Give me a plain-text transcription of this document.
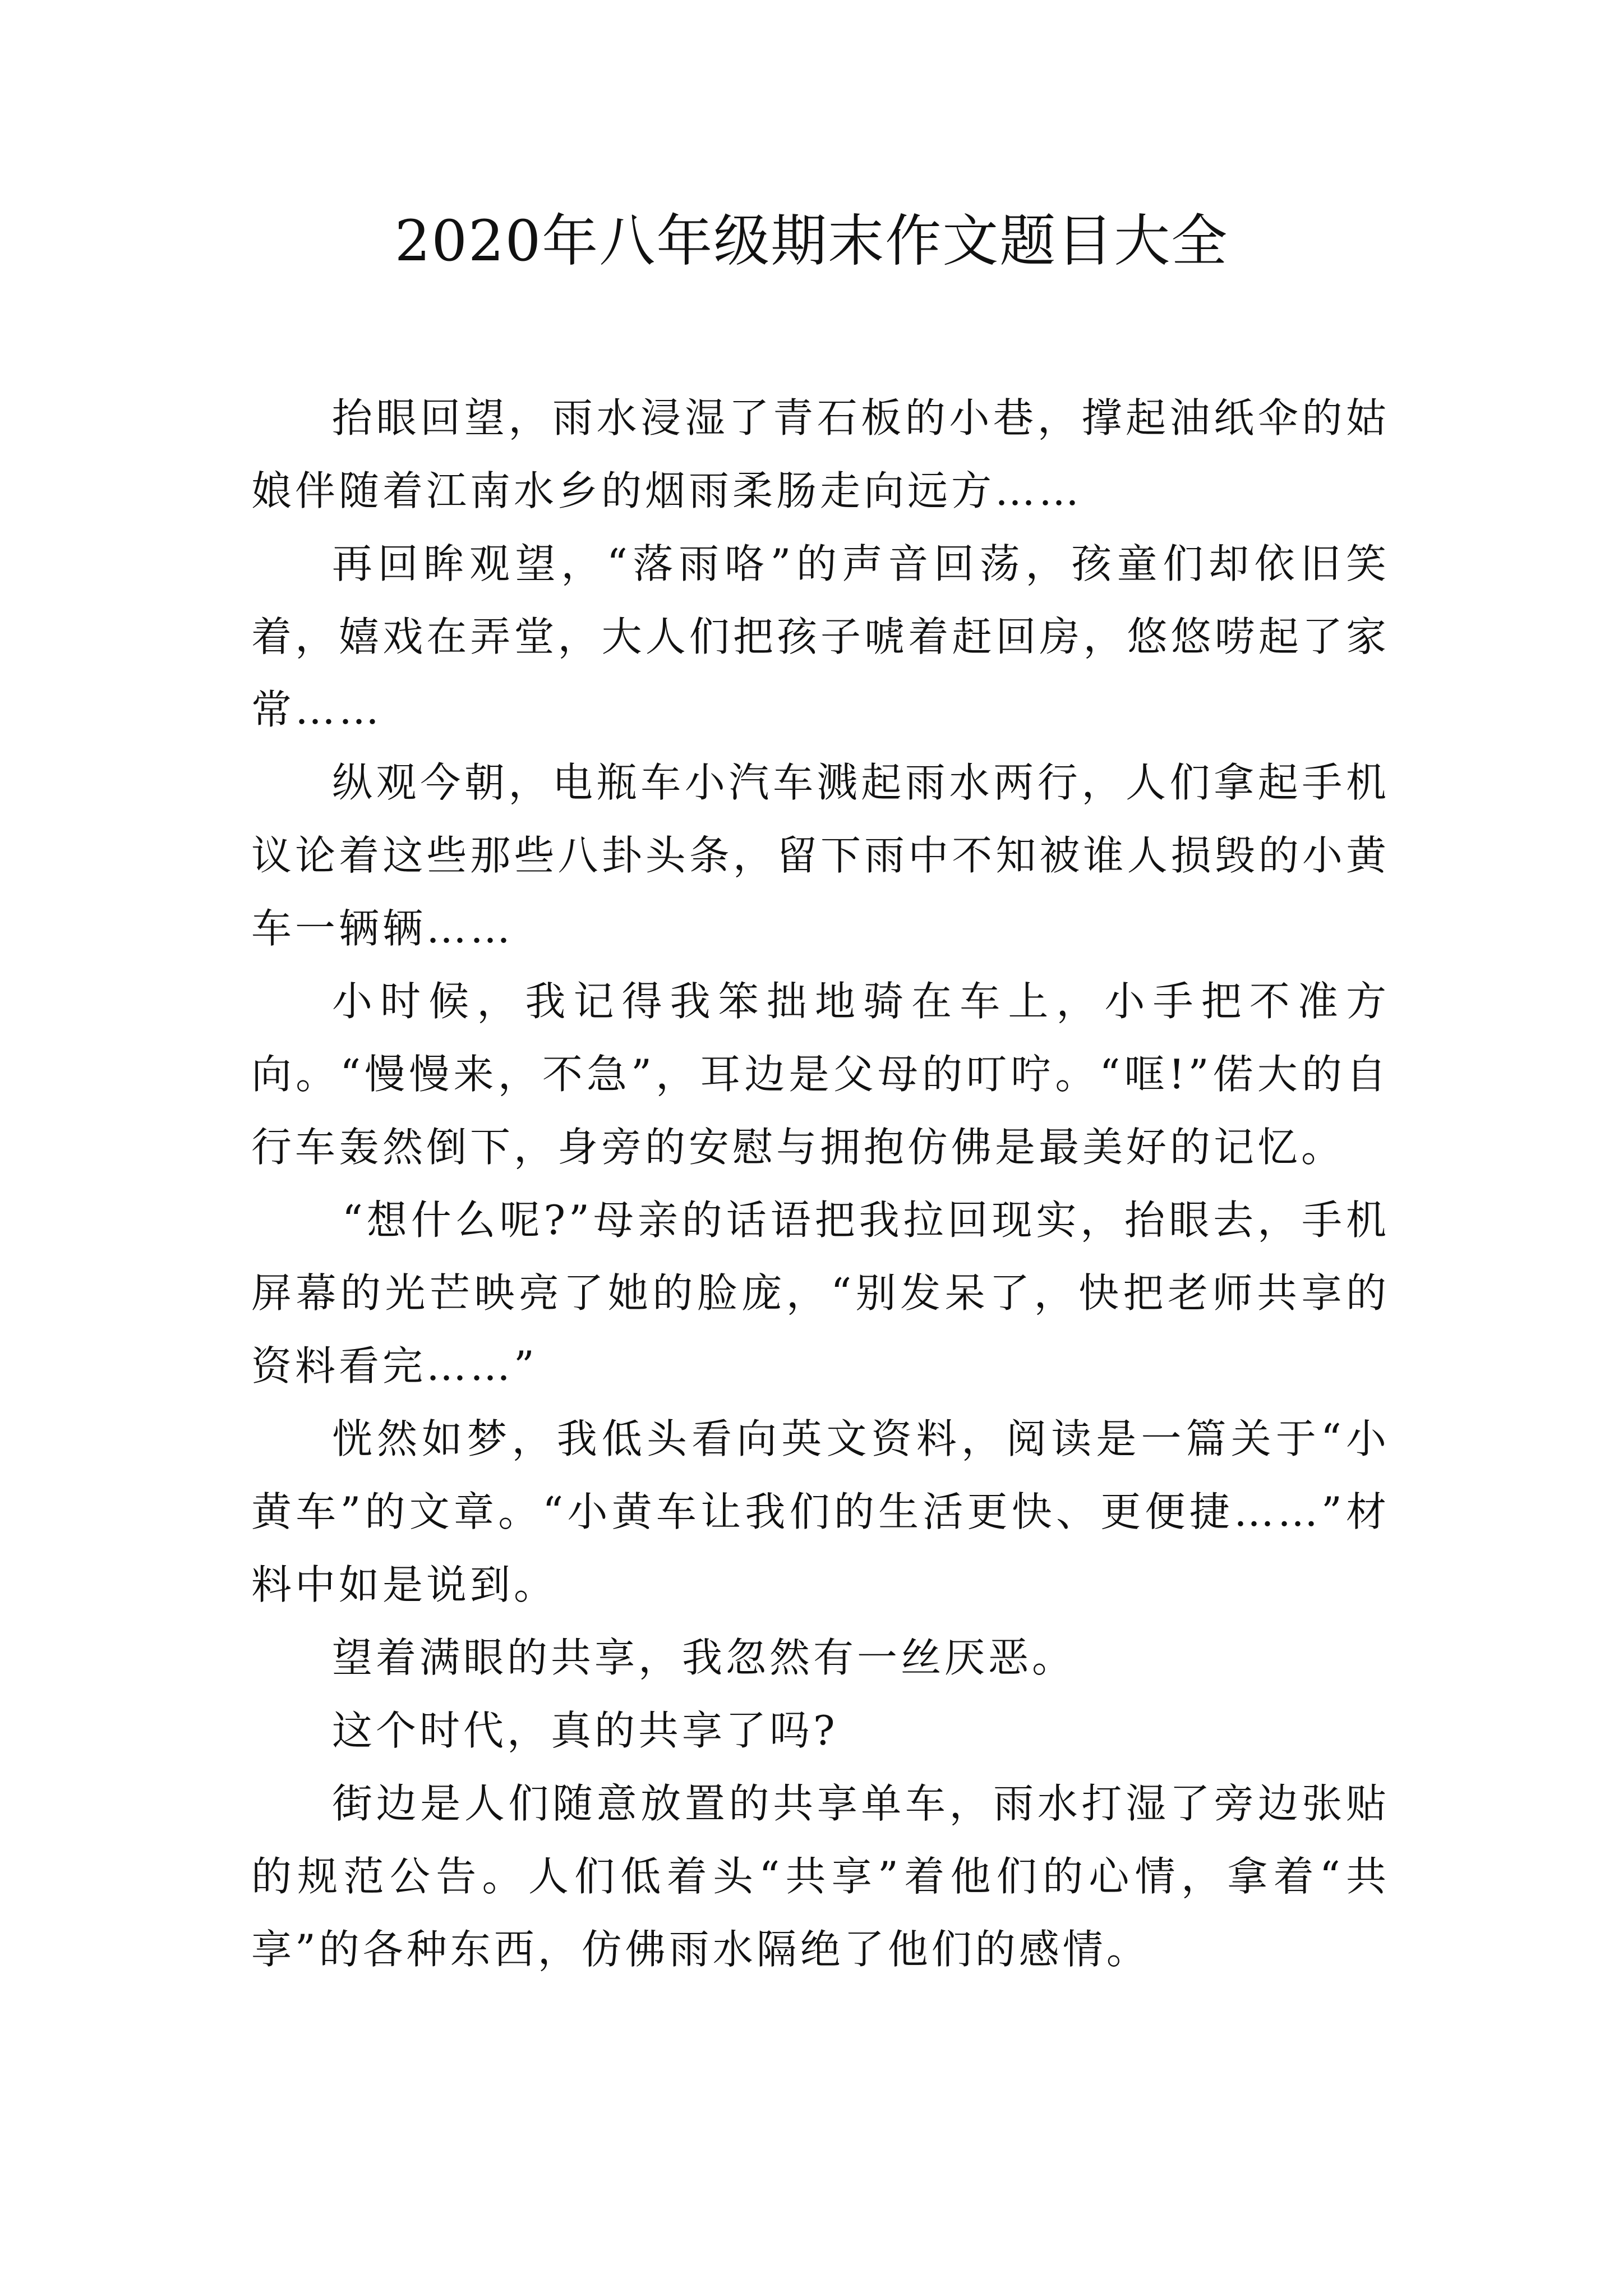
2020年八年级期末作文题目大全

抬眼回望，雨水浸湿了青石板的小巷，撑起油纸伞的姑娘伴随着江南水乡的烟雨柔肠走向远方……

再回眸观望，“落雨咯”的声音回荡，孩童们却依旧笑着，嬉戏在弄堂，大人们把孩子唬着赶回房，悠悠唠起了家常……

纵观今朝，电瓶车小汽车溅起雨水两行，人们拿起手机议论着这些那些八卦头条，留下雨中不知被谁人损毁的小黄车一辆辆……

小时候，我记得我笨拙地骑在车上，小手把不准方向。“慢慢来，不急”，耳边是父母的叮咛。“哐!”偌大的自行车轰然倒下，身旁的安慰与拥抱仿佛是最美好的记忆。

“想什么呢?”母亲的话语把我拉回现实，抬眼去，手机屏幕的光芒映亮了她的脸庞，“别发呆了，快把老师共享的资料看完……”

恍然如梦，我低头看向英文资料，阅读是一篇关于“小黄车”的文章。“小黄车让我们的生活更快、更便捷……”材料中如是说到。

望着满眼的共享，我忽然有一丝厌恶。

这个时代，真的共享了吗?

街边是人们随意放置的共享单车，雨水打湿了旁边张贴的规范公告。人们低着头“共享”着他们的心情，拿着“共享”的各种东西，仿佛雨水隔绝了他们的感情。
